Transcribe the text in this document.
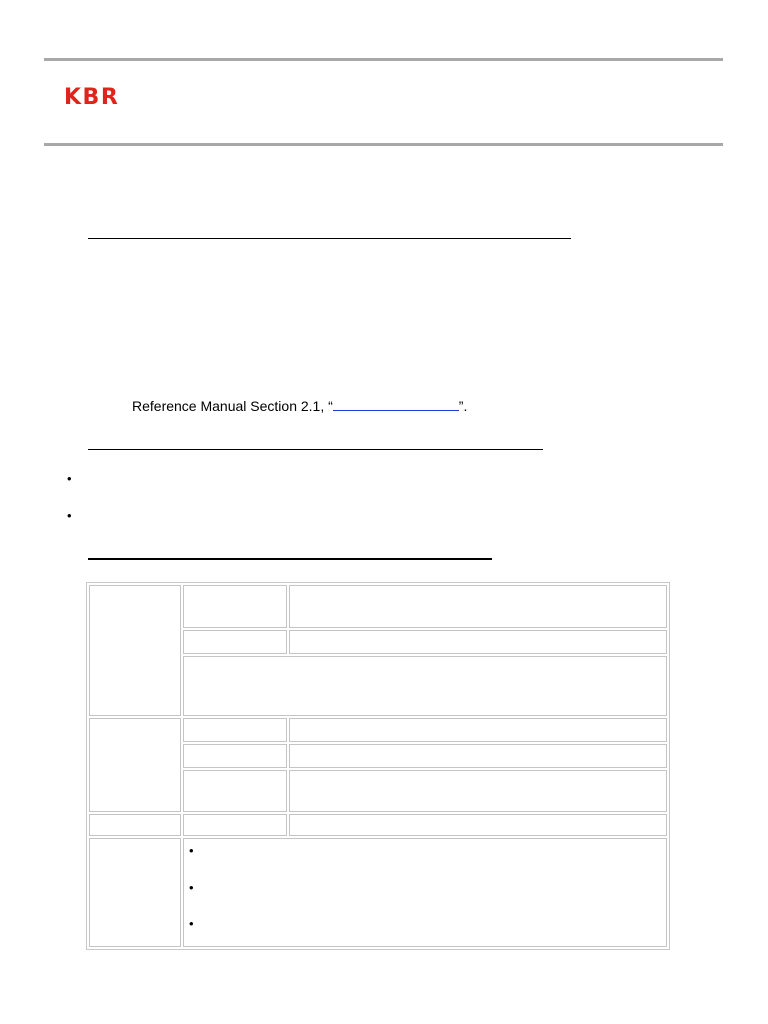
KBR
Reference Manual Section 2.1, “	”.
•
•

	•
•
•	
